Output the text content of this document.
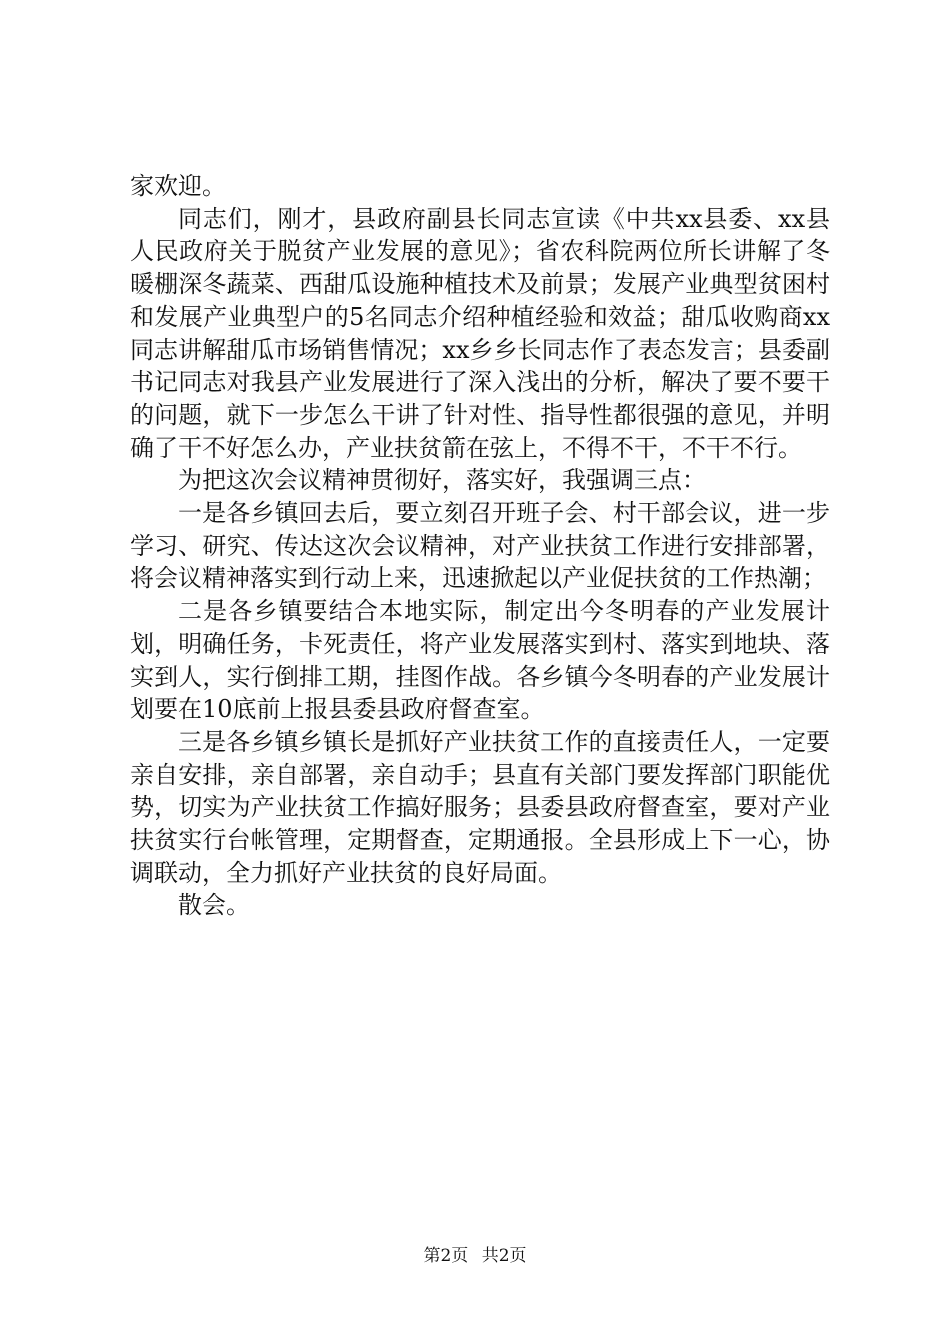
家欢迎。

同志们，刚才，县政府副县长同志宣读《中共xx县委、xx县人民政府关于脱贫产业发展的意见》；省农科院两位所长讲解了冬暖棚深冬蔬菜、西甜瓜设施种植技术及前景；发展产业典型贫困村和发展产业典型户的5名同志介绍种植经验和效益；甜瓜收购商xx同志讲解甜瓜市场销售情况；xx乡乡长同志作了表态发言；县委副书记同志对我县产业发展进行了深入浅出的分析，解决了要不要干的问题，就下一步怎么干讲了针对性、指导性都很强的意见，并明确了干不好怎么办，产业扶贫箭在弦上，不得不干，不干不行。

为把这次会议精神贯彻好，落实好，我强调三点：

一是各乡镇回去后，要立刻召开班子会、村干部会议，进一步学习、研究、传达这次会议精神，对产业扶贫工作进行安排部署，将会议精神落实到行动上来，迅速掀起以产业促扶贫的工作热潮；

二是各乡镇要结合本地实际，制定出今冬明春的产业发展计划，明确任务，卡死责任，将产业发展落实到村、落实到地块、落实到人，实行倒排工期，挂图作战。各乡镇今冬明春的产业发展计划要在10底前上报县委县政府督查室。

三是各乡镇乡镇长是抓好产业扶贫工作的直接责任人，一定要亲自安排，亲自部署，亲自动手；县直有关部门要发挥部门职能优势，切实为产业扶贫工作搞好服务；县委县政府督查室，要对产业扶贫实行台帐管理，定期督查，定期通报。全县形成上下一心，协调联动，全力抓好产业扶贫的良好局面。

散会。

第2页 共2页
